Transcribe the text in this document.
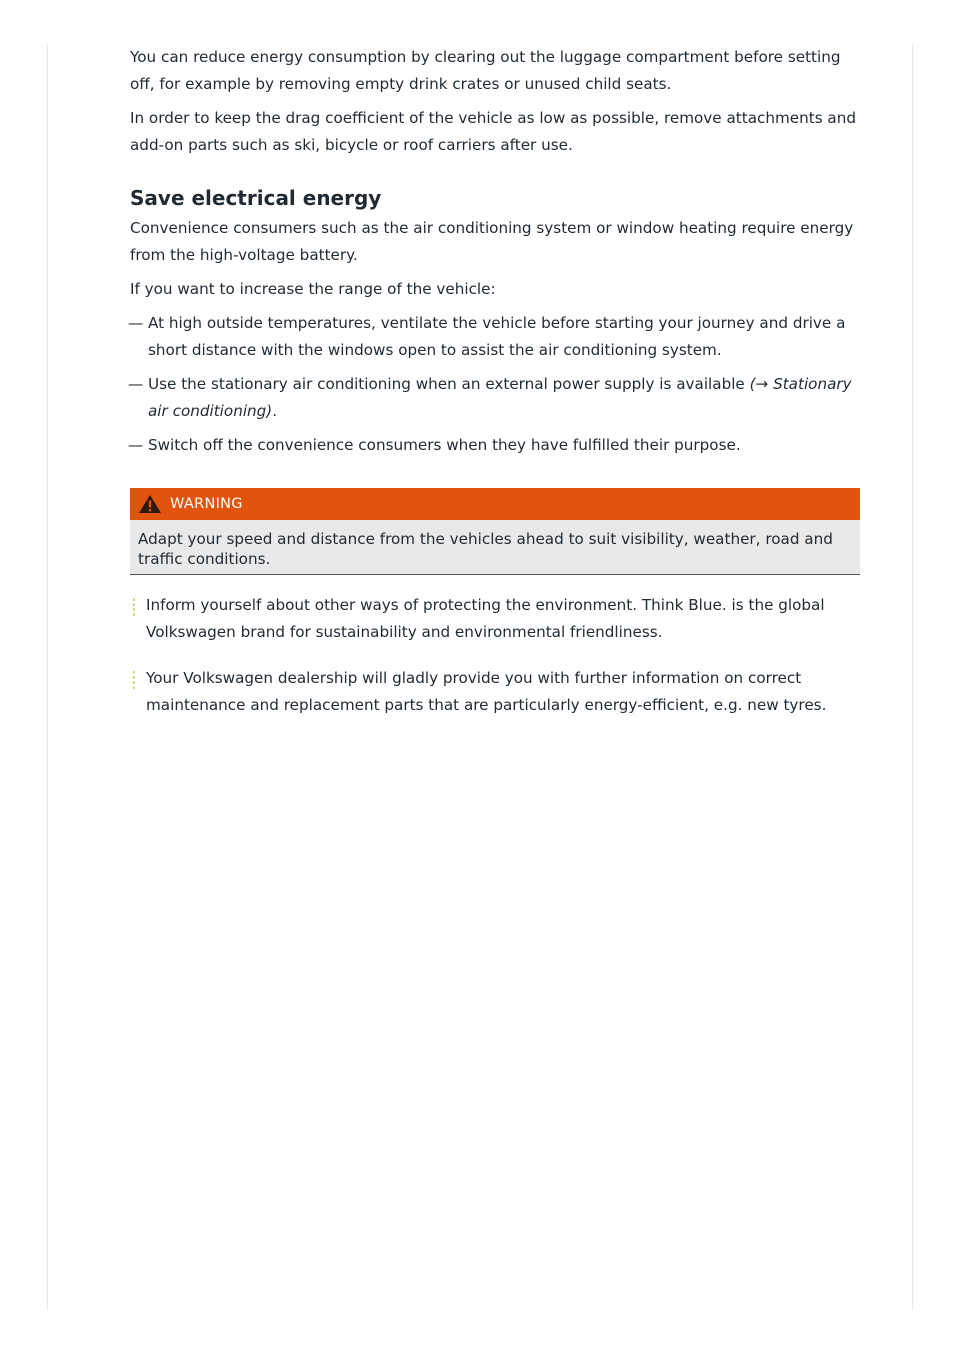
You can reduce energy consumption by clearing out the luggage compartment before setting off, for example by removing empty drink crates or unused child seats.

In order to keep the drag coefficient of the vehicle as low as possible, remove attachments and add-on parts such as ski, bicycle or roof carriers after use.

Save electrical energy

Convenience consumers such as the air conditioning system or window heating require energy from the high-voltage battery.

If you want to increase the range of the vehicle:

— At high outside temperatures, ventilate the vehicle before starting your journey and drive a short distance with the windows open to assist the air conditioning system.
— Use the stationary air conditioning when an external power supply is available (→ Stationary air conditioning).
— Switch off the convenience consumers when they have fulfilled their purpose.
WARNING
Adapt your speed and distance from the vehicles ahead to suit visibility, weather, road and traffic conditions.
Inform yourself about other ways of protecting the environment. Think Blue. is the global Volkswagen brand for sustainability and environmental friendliness.
Your Volkswagen dealership will gladly provide you with further information on correct maintenance and replacement parts that are particularly energy-efficient, e.g. new tyres.
